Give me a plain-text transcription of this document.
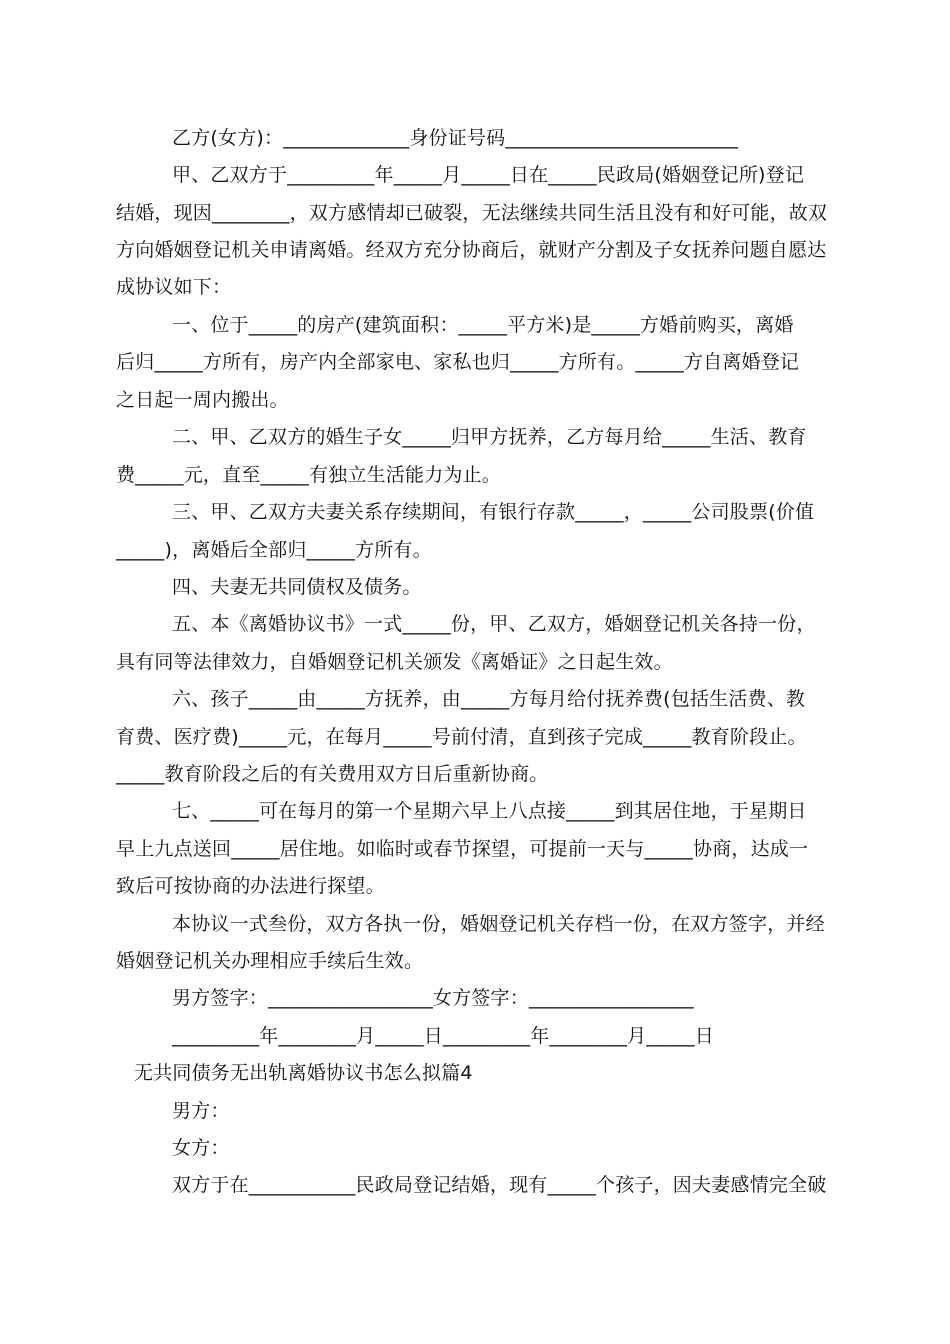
乙方(女方)：_____________身份证号码________________________
甲、乙双方于_________年_____月_____日在_____民政局(婚姻登记所)登记
结婚，现因________，双方感情却已破裂，无法继续共同生活且没有和好可能，故双
方向婚姻登记机关申请离婚。经双方充分协商后，就财产分割及子女抚养问题自愿达
成协议如下：
一、位于_____的房产(建筑面积：_____平方米)是_____方婚前购买，离婚
后归_____方所有，房产内全部家电、家私也归_____方所有。_____方自离婚登记
之日起一周内搬出。
二、甲、乙双方的婚生子女_____归甲方抚养，乙方每月给_____生活、教育
费_____元，直至_____有独立生活能力为止。
三、甲、乙双方夫妻关系存续期间，有银行存款_____，_____公司股票(价值
_____)，离婚后全部归_____方所有。
四、夫妻无共同债权及债务。
五、本《离婚协议书》一式_____份，甲、乙双方，婚姻登记机关各持一份，
具有同等法律效力，自婚姻登记机关颁发《离婚证》之日起生效。
六、孩子_____由_____方抚养，由_____方每月给付抚养费(包括生活费、教
育费、医疗费)_____元，在每月_____号前付清，直到孩子完成_____教育阶段止。
_____教育阶段之后的有关费用双方日后重新协商。
七、_____可在每月的第一个星期六早上八点接_____到其居住地，于星期日
早上九点送回_____居住地。如临时或春节探望，可提前一天与_____协商，达成一
致后可按协商的办法进行探望。
本协议一式叁份，双方各执一份，婚姻登记机关存档一份，在双方签字，并经
婚姻登记机关办理相应手续后生效。
男方签字：_________________女方签字：_________________
_________年________月_____日_________年________月_____日
无共同债务无出轨离婚协议书怎么拟篇4
男方：
女方：
双方于在___________民政局登记结婚，现有_____个孩子，因夫妻感情完全破
